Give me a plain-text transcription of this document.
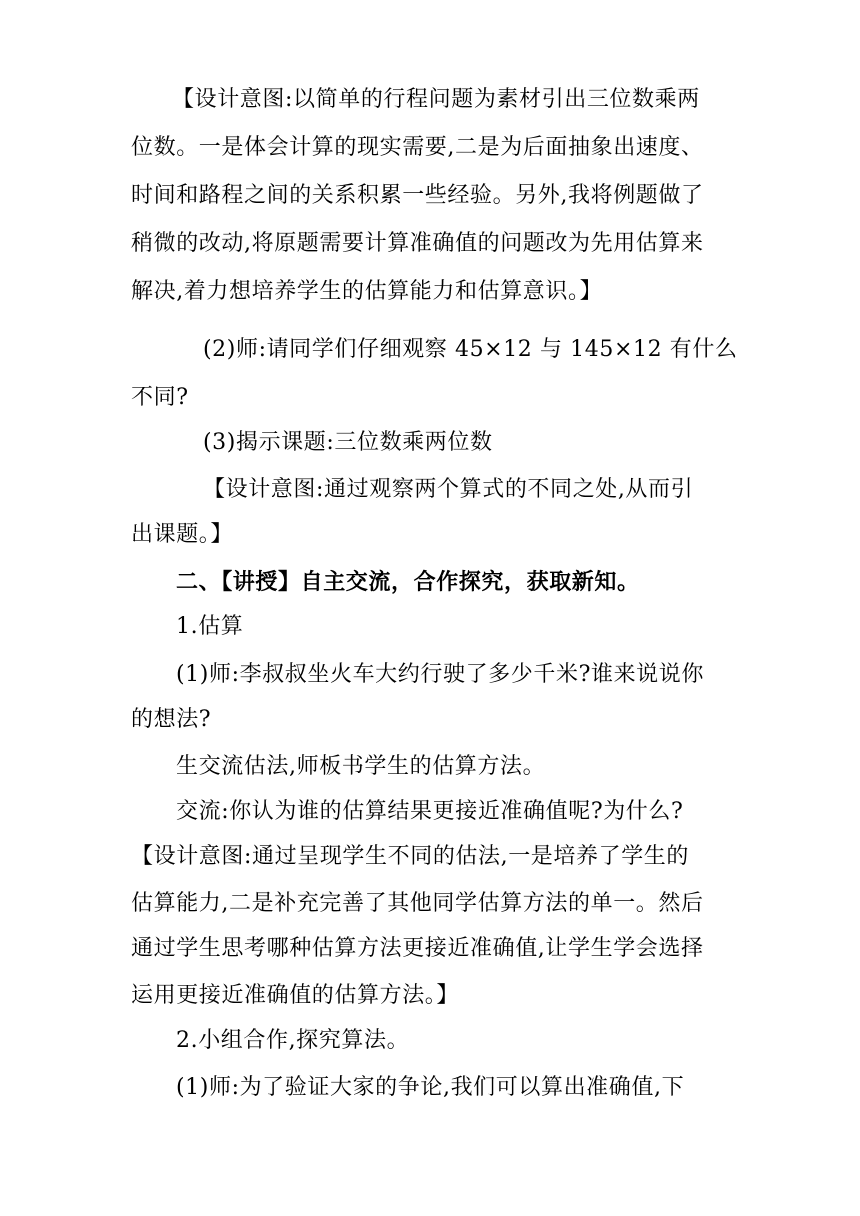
【设计意图:以简单的行程问题为素材引出三位数乘两
位数。一是体会计算的现实需要,二是为后面抽象出速度、
时间和路程之间的关系积累一些经验。另外,我将例题做了
稍微的改动,将原题需要计算准确值的问题改为先用估算来
解决,着力想培养学生的估算能力和估算意识。】
(2)师:请同学们仔细观察 45×12 与 145×12 有什么
不同?
(3)揭示课题:三位数乘两位数
【设计意图:通过观察两个算式的不同之处,从而引
出课题。】
二、【讲授】自主交流，合作探究，获取新知。
1.估算
(1)师:李叔叔坐火车大约行驶了多少千米?谁来说说你
的想法?
生交流估法,师板书学生的估算方法。
交流:你认为谁的估算结果更接近准确值呢?为什么?
【设计意图:通过呈现学生不同的估法,一是培养了学生的
估算能力,二是补充完善了其他同学估算方法的单一。然后
通过学生思考哪种估算方法更接近准确值,让学生学会选择
运用更接近准确值的估算方法。】
2.小组合作,探究算法。
(1)师:为了验证大家的争论,我们可以算出准确值,下
